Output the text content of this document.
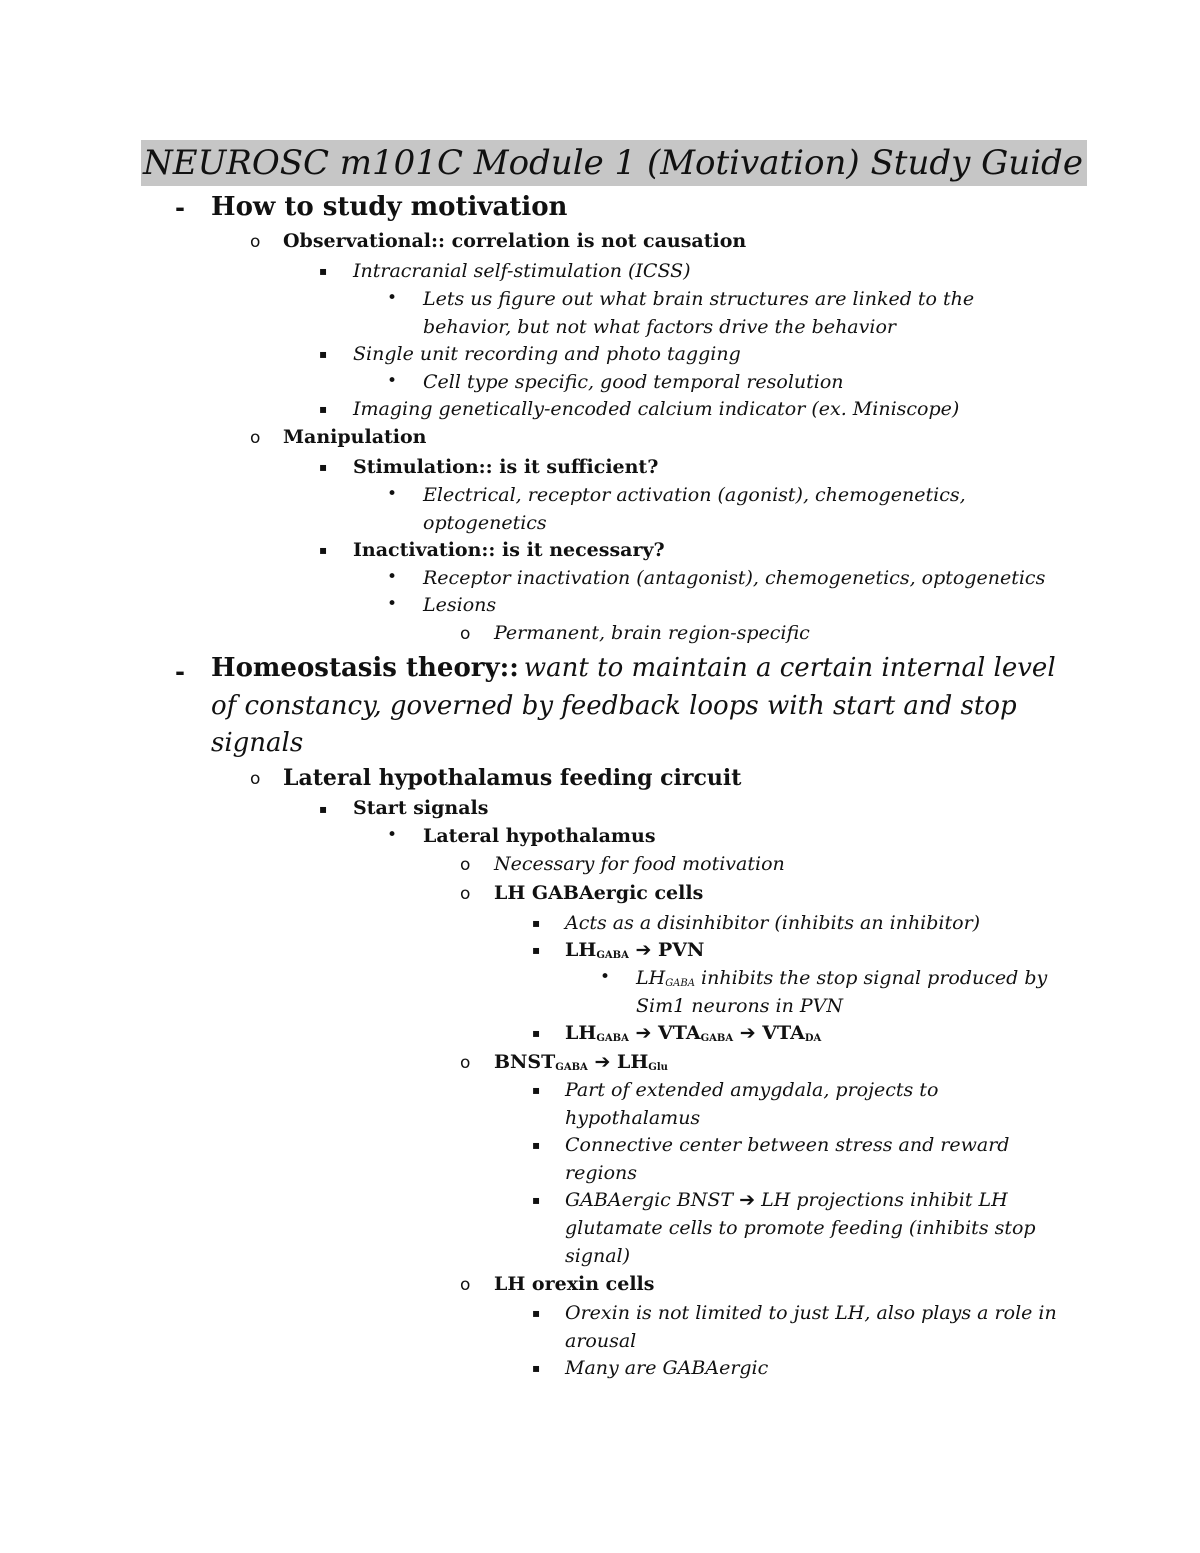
NEUROSC m101C Module 1 (Motivation) Study Guide
- How to study motivation
o Observational:: correlation is not causation
▪ Intracranial self-stimulation (ICSS)
• Lets us figure out what brain structures are linked to the
behavior, but not what factors drive the behavior
▪ Single unit recording and photo tagging
• Cell type specific, good temporal resolution
▪ Imaging genetically-encoded calcium indicator (ex. Miniscope)
o Manipulation
▪ Stimulation:: is it sufficient?
• Electrical, receptor activation (agonist), chemogenetics,
optogenetics
▪ Inactivation:: is it necessary?
• Receptor inactivation (antagonist), chemogenetics, optogenetics
• Lesions
o Permanent, brain region-specific
- Homeostasis theory:: want to maintain a certain internal level
of constancy, governed by feedback loops with start and stop
signals
o Lateral hypothalamus feeding circuit
▪ Start signals
• Lateral hypothalamus
o Necessary for food motivation
o LH GABAergic cells
▪ Acts as a disinhibitor (inhibits an inhibitor)
▪ $LH_{GABA}$ ➔ PVN
• LHGABA inhibits the stop signal produced by
Sim1 neurons in PVN
▪ $LH_{GABA}$ ➔ $VTA_{GABA}$ ➔ $VTA_{DA}$
o $BNST_{GABA}$ ➔ $LH_{Glu}$
▪ Part of extended amygdala, projects to
hypothalamus
▪ Connective center between stress and reward
regions
▪ GABAergic BNST ➔ LH projections inhibit LH
glutamate cells to promote feeding (inhibits stop
signal)
o LH orexin cells
▪ Orexin is not limited to just LH, also plays a role in
arousal
▪ Many are GABAergic
